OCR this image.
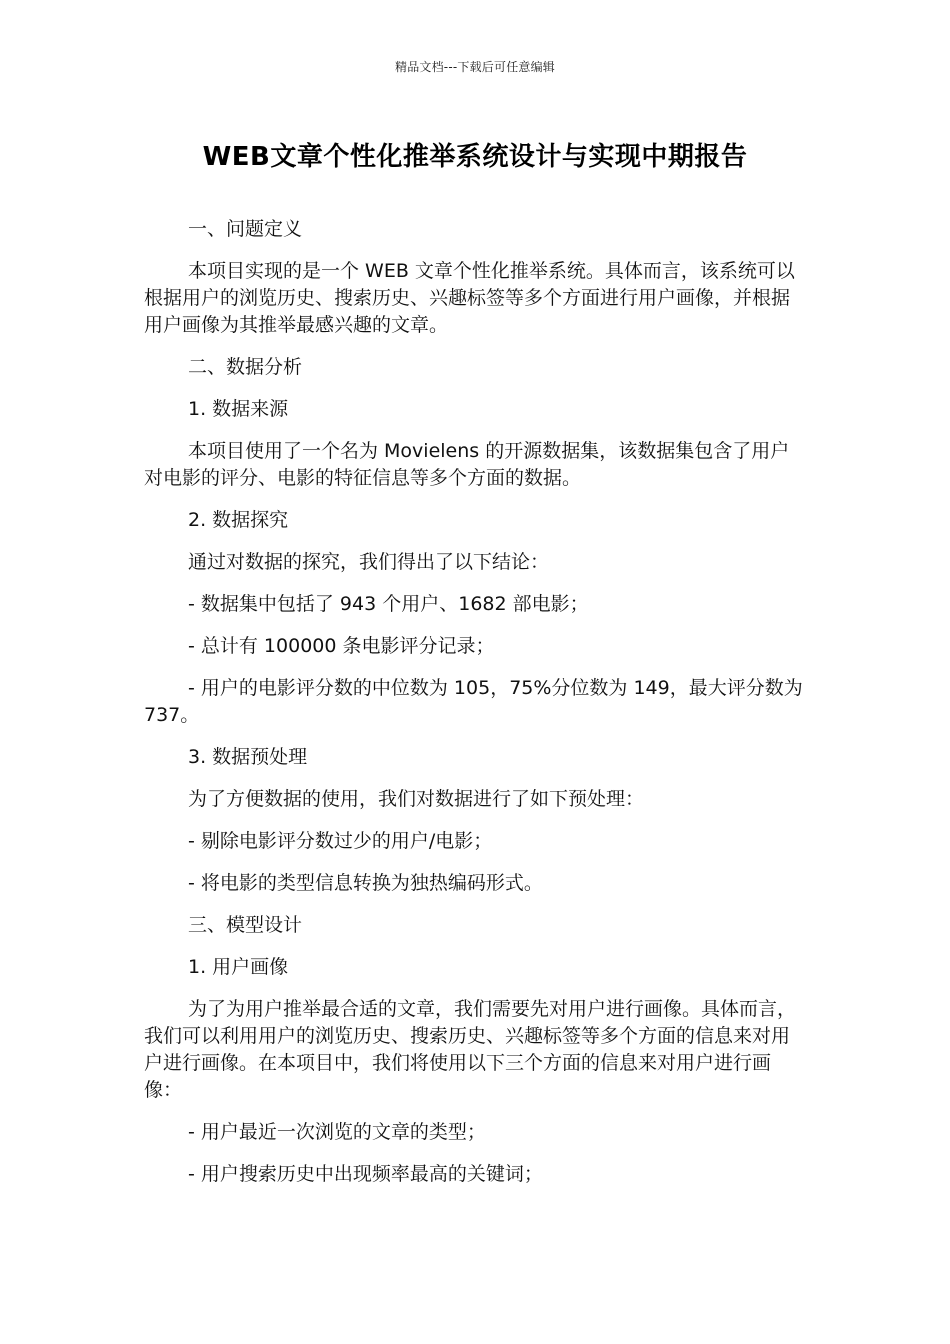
精品文档---下载后可任意编辑
WEB文章个性化推举系统设计与实现中期报告

一、问题定义

本项目实现的是一个 WEB 文章个性化推举系统。具体而言，该系统可以根据用户的浏览历史、搜索历史、兴趣标签等多个方面进行用户画像，并根据用户画像为其推举最感兴趣的文章。

二、数据分析

1. 数据来源

本项目使用了一个名为 Movielens 的开源数据集，该数据集包含了用户对电影的评分、电影的特征信息等多个方面的数据。

2. 数据探究

通过对数据的探究，我们得出了以下结论：

- 数据集中包括了 943 个用户、1682 部电影；

- 总计有 100000 条电影评分记录；

- 用户的电影评分数的中位数为 105，75%分位数为 149，最大评分数为 737。

3. 数据预处理

为了方便数据的使用，我们对数据进行了如下预处理：

- 剔除电影评分数过少的用户/电影；

- 将电影的类型信息转换为独热编码形式。

三、模型设计

1. 用户画像

为了为用户推举最合适的文章，我们需要先对用户进行画像。具体而言，我们可以利用用户的浏览历史、搜索历史、兴趣标签等多个方面的信息来对用户进行画像。在本项目中，我们将使用以下三个方面的信息来对用户进行画像：

- 用户最近一次浏览的文章的类型；

- 用户搜索历史中出现频率最高的关键词；
